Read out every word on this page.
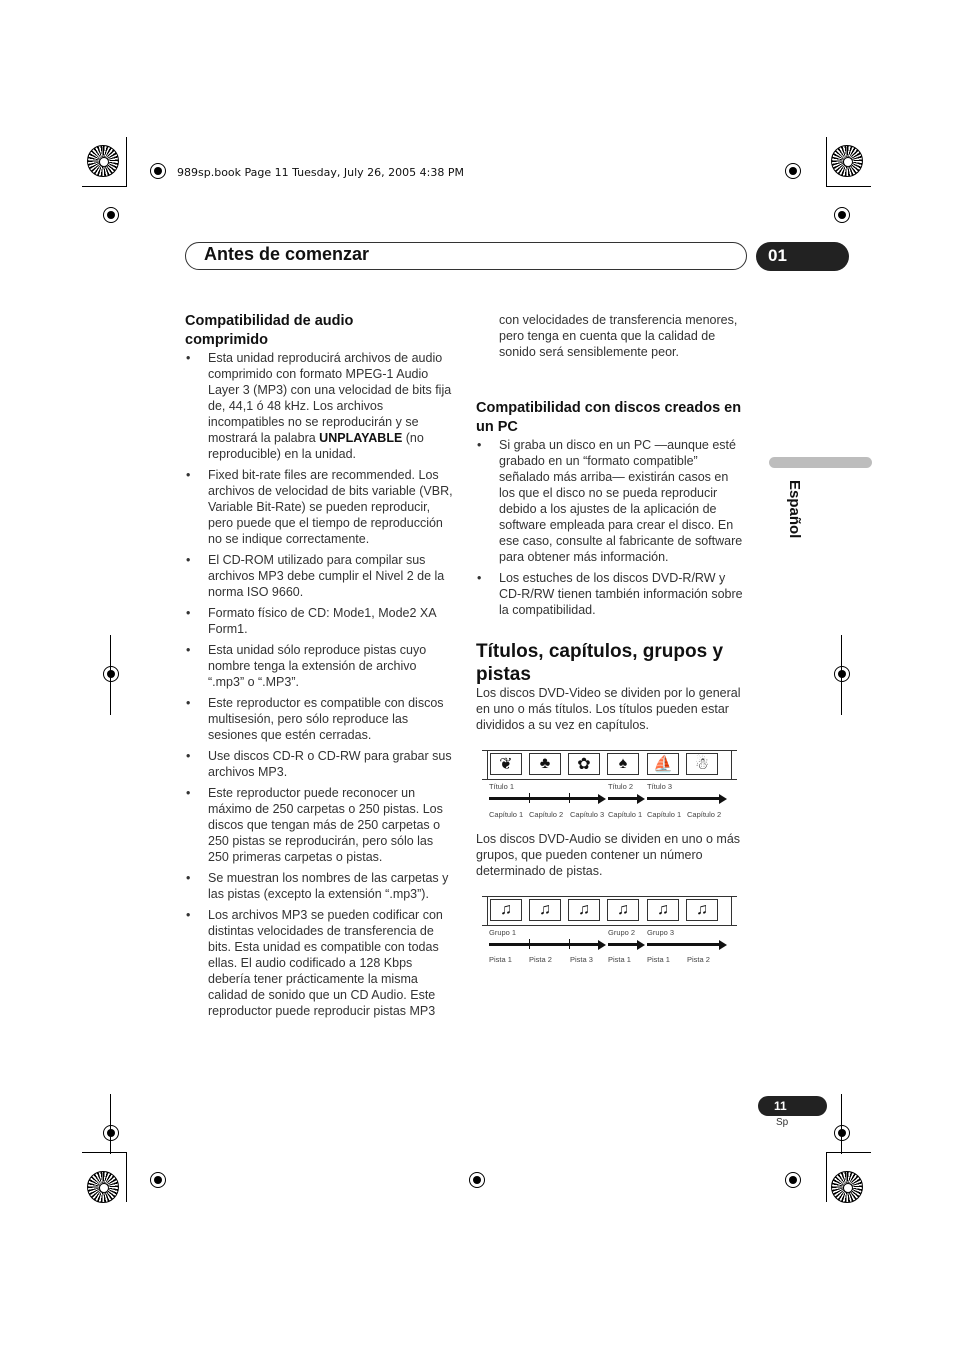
989sp.book Page 11 Tuesday, July 26, 2005 4:38 PM
Antes de comenzar	01
Español
Compatibilidad de audio comprimido
• Esta unidad reproducirá archivos de audio comprimido con formato MPEG-1 Audio Layer 3 (MP3) con una velocidad de bits fija de, 44,1 ó 48 kHz. Los archivos incompatibles no se reproducirán y se mostrará la palabra UNPLAYABLE (no reproducible) en la unidad.
• Fixed bit-rate files are recommended. Los archivos de velocidad de bits variable (VBR, Variable Bit-Rate) se pueden reproducir, pero puede que el tiempo de reproducción no se indique correctamente.
• El CD-ROM utilizado para compilar sus archivos MP3 debe cumplir el Nivel 2 de la norma ISO 9660.
• Formato físico de CD: Mode1, Mode2 XA Form1.
• Esta unidad sólo reproduce pistas cuyo nombre tenga la extensión de archivo “.mp3” o “.MP3”.
• Este reproductor es compatible con discos multisesión, pero sólo reproduce las sesiones que estén cerradas.
• Use discos CD-R o CD-RW para grabar sus archivos MP3.
• Este reproductor puede reconocer un máximo de 250 carpetas o 250 pistas. Los discos que tengan más de 250 carpetas o 250 pistas se reproducirán, pero sólo las 250 primeras carpetas o pistas.
• Se muestran los nombres de las carpetas y las pistas (excepto la extensión “.mp3”).
• Los archivos MP3 se pueden codificar con distintas velocidades de transferencia de bits. Esta unidad es compatible con todas ellas. El audio codificado a 128 Kbps debería tener prácticamente la misma calidad de sonido que un CD Audio. Este reproductor puede reproducir pistas MP3

con velocidades de transferencia menores, pero tenga en cuenta que la calidad de sonido será sensiblemente peor.

Compatibilidad con discos creados en un PC
• Si graba un disco en un PC —aunque esté grabado en un “formato compatible” señalado más arriba— existirán casos en los que el disco no se pueda reproducir debido a los ajustes de la aplicación de software empleada para crear el disco. En ese caso, consulte al fabricante de software para obtener más información.
• Los estuches de los discos DVD-R/RW y CD-R/RW tienen también información sobre la compatibilidad.
Títulos, capítulos, grupos y pistas

Los discos DVD-Video se dividen por lo general en uno o más títulos. Los títulos pueden estar divididos a su vez en capítulos.

❦	♣	✿	♠	⛵	☃
Título 1	Título 2 Título 3
Capítulo 1 Capítulo 2 Capítulo 3 Capítulo 1 Capítulo 1 Capítulo 2

Los discos DVD-Audio se dividen en uno o más grupos, que pueden contener un número determinado de pistas.

♫	♫	♫	♫	♫	♫
Grupo 1	Grupo 2 Grupo 3
Pista 1 Pista 2 Pista 3 Pista 1 Pista 1 Pista 2
11
Sp
